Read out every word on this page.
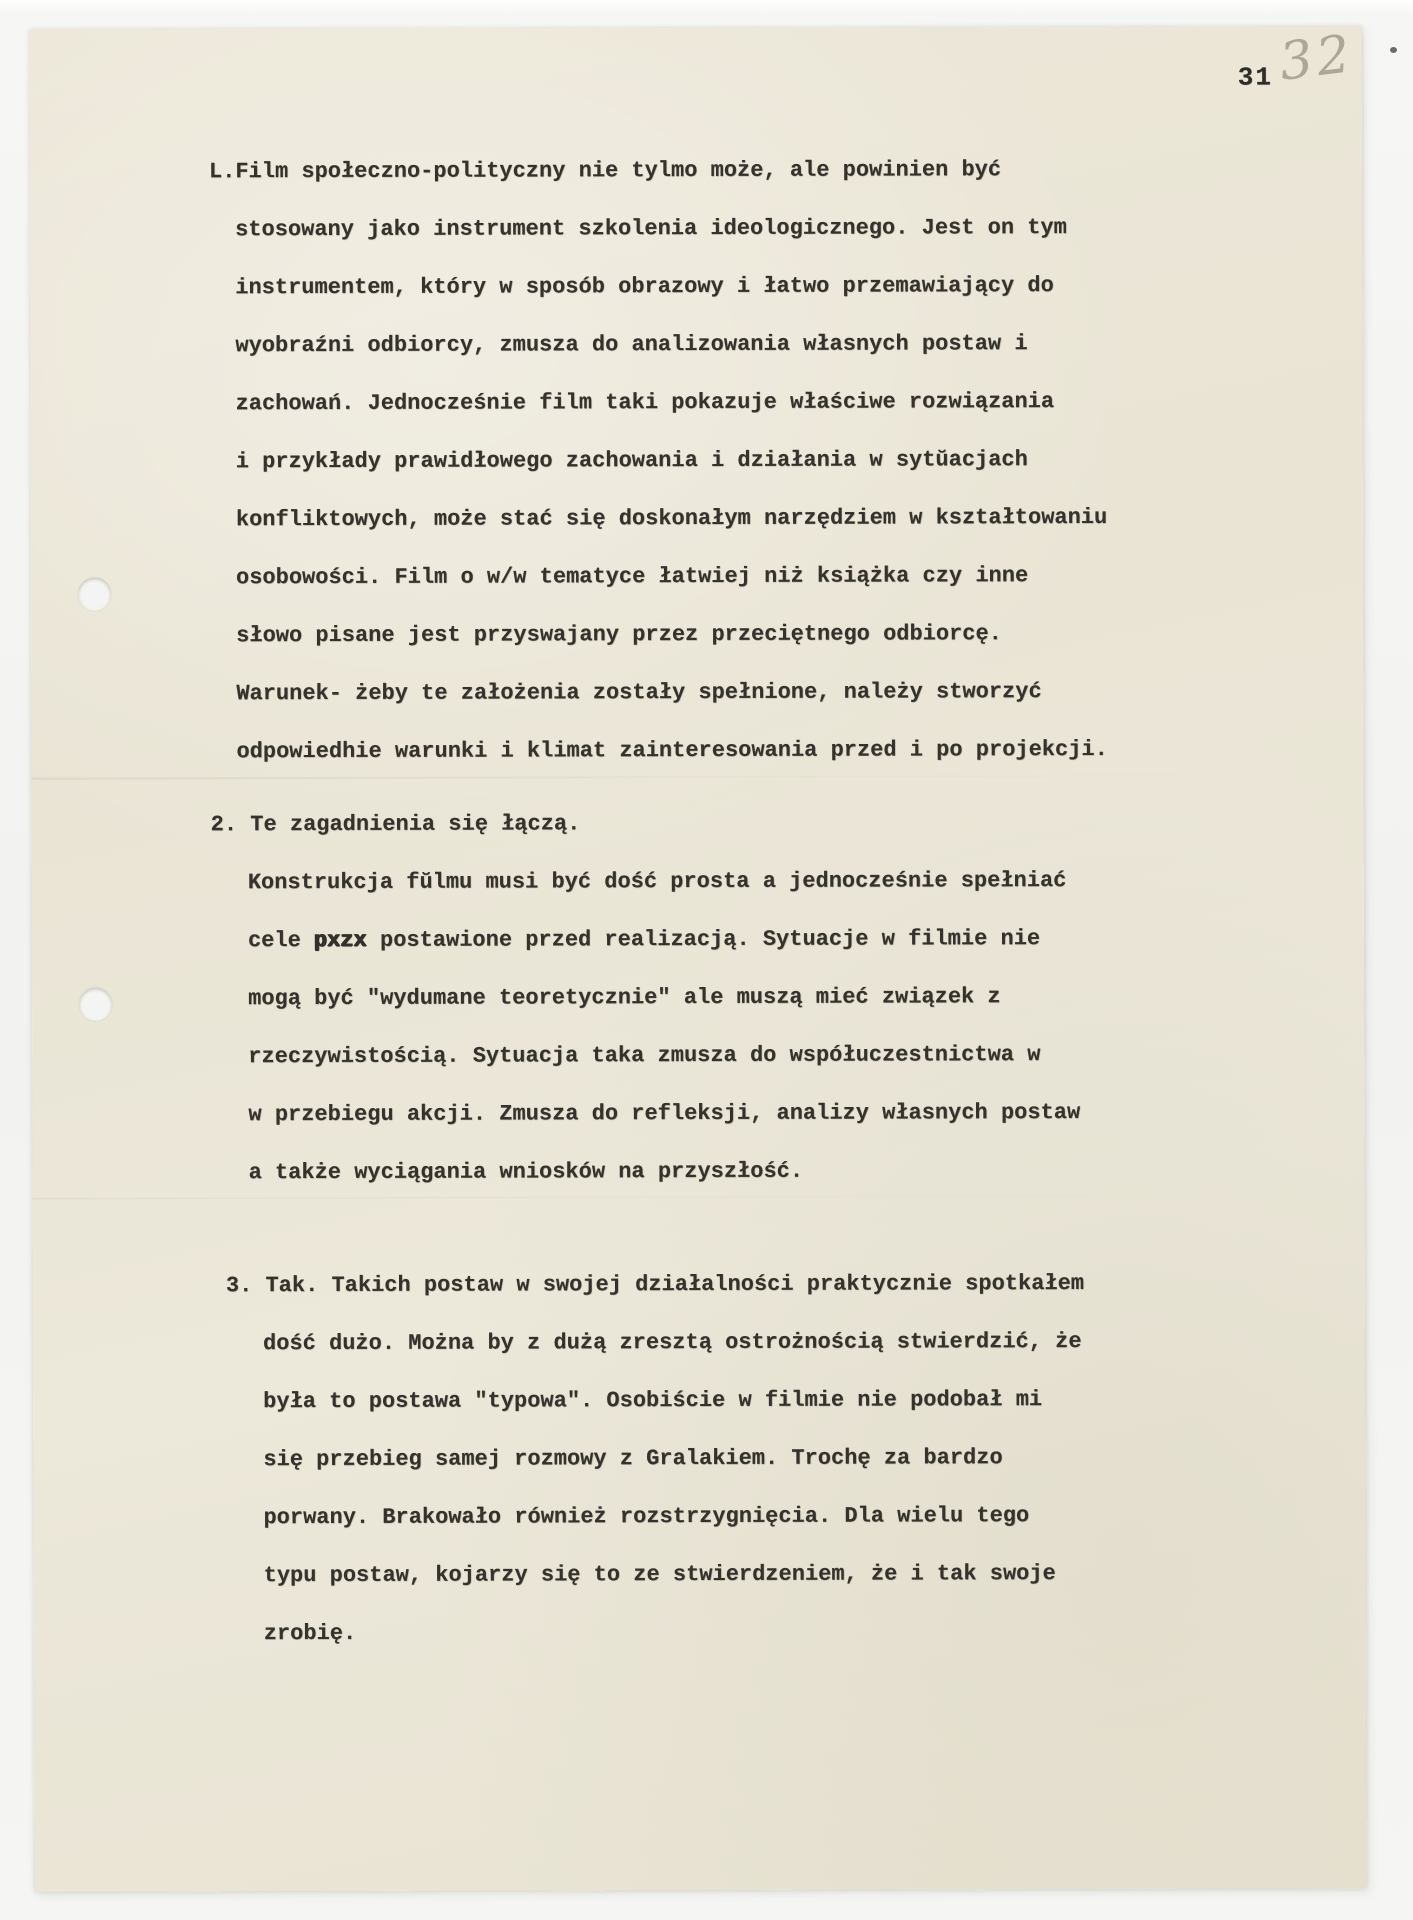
31 32
L.Film społeczno-polityczny nie tylmo może, ale powinien być
stosowany jako instrument szkolenia ideologicznego. Jest on tym
instrumentem, który w sposób obrazowy i łatwo przemawiający do
wyobraźni odbiorcy, zmusza do analizowania własnych postaw i
zachowań. Jednocześnie film taki pokazuje właściwe rozwiązania
i przykłady prawidłowego zachowania i działania w sytŭacjach
konfliktowych, może stać się doskonałym narzędziem w kształtowaniu
osobowości. Film o w/w tematyce łatwiej niż książka czy inne
słowo pisane jest przyswajany przez przeciętnego odbiorcę.
Warunek- żeby te założenia zostały spełnione, należy stworzyć
odpowiedhie warunki i klimat zainteresowania przed i po projekcji.
2. Te zagadnienia się łączą.
Konstrukcja fŭlmu musi być dość prosta a jednocześnie spełniać
cele pxzx postawione przed realizacją. Sytuacje w filmie nie
mogą być "wydumane teoretycznie" ale muszą mieć związek z
rzeczywistością. Sytuacja taka zmusza do współuczestnictwa w
w przebiegu akcji. Zmusza do refleksji, analizy własnych postaw
a także wyciągania wniosków na przyszłość.
3. Tak. Takich postaw w swojej działalności praktycznie spotkałem
dość dużo. Można by z dużą zresztą ostrożnością stwierdzić, że
była to postawa "typowa". Osobiście w filmie nie podobał mi
się przebieg samej rozmowy z Gralakiem. Trochę za bardzo
porwany. Brakowało również rozstrzygnięcia. Dla wielu tego
typu postaw, kojarzy się to ze stwierdzeniem, że i tak swoje
zrobię.
